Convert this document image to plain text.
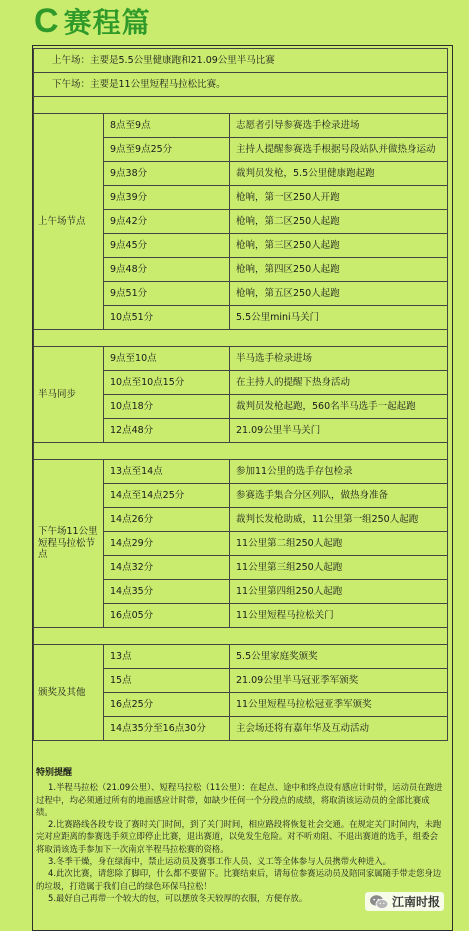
C 赛程篇
上午场：主要是5.5公里健康跑和21.09公里半马比赛		
下午场：主要是11公里短程马拉松比赛。		

上午场节点	8点至9点	志愿者引导参赛选手检录进场
	9点至9点25分	主持人提醒参赛选手根据号段站队并做热身运动
	9点38分	裁判员发枪，5.5公里健康跑起跑
	9点39分	枪响，第一区250人开跑
	9点42分	枪响，第二区250人起跑
	9点45分	枪响，第三区250人起跑
	9点48分	枪响，第四区250人起跑
	9点51分	枪响，第五区250人起跑
	10点51分	5.5公里mini马关门

半马同步	9点至10点	半马选手检录进场
	10点至10点15分	在主持人的提醒下热身活动
	10点18分	裁判员发枪起跑，560名半马选手一起起跑
	12点48分	21.09公里半马关门

下午场11公里短程马拉松节点	13点至14点	参加11公里的选手存包检录
	14点至14点25分	参赛选手集合分区列队，做热身准备
	14点26分	裁判长发枪助威，11公里第一组250人起跑
	14点29分	11公里第二组250人起跑
	14点32分	11公里第三组250人起跑
	14点35分	11公里第四组250人起跑
	16点05分	11公里短程马拉松关门

颁奖及其他	13点	5.5公里家庭奖颁奖
	15点	21.09公里半马冠亚季军颁奖
	16点25分	11公里短程马拉松冠亚季军颁奖
	14点35分至16点30分	主会场还将有嘉年华及互动活动
特别提醒

1.半程马拉松（21.09公里）、短程马拉松（11公里）：在起点、途中和终点设有感应计时带，运动员在跑进过程中，均必须通过所有的地面感应计时带，如缺少任何一个分段点的成绩，将取消该运动员的全部比赛成绩。

2.比赛路线各段专设了赛时关门时间，到了关门时间，相应路段将恢复社会交通。在规定关门时间内，未跑完对应距离的参赛选手须立即停止比赛，退出赛道，以免发生危险。对不听劝阻、不退出赛道的选手，组委会将取消该选手参加下一次南京半程马拉松赛的资格。

3.冬季干燥，身在绿海中，禁止运动员及赛事工作人员、义工等全体参与人员携带火种进入。

4.此次比赛，请您除了脚印，什么都不要留下。比赛结束后，请每位参赛运动员及陪同家属随手带走您身边的垃圾，打造属于我们自己的绿色环保马拉松！

5.最好自己再带一个较大的包，可以摆放冬天较厚的衣服，方便存放。	江南时报
